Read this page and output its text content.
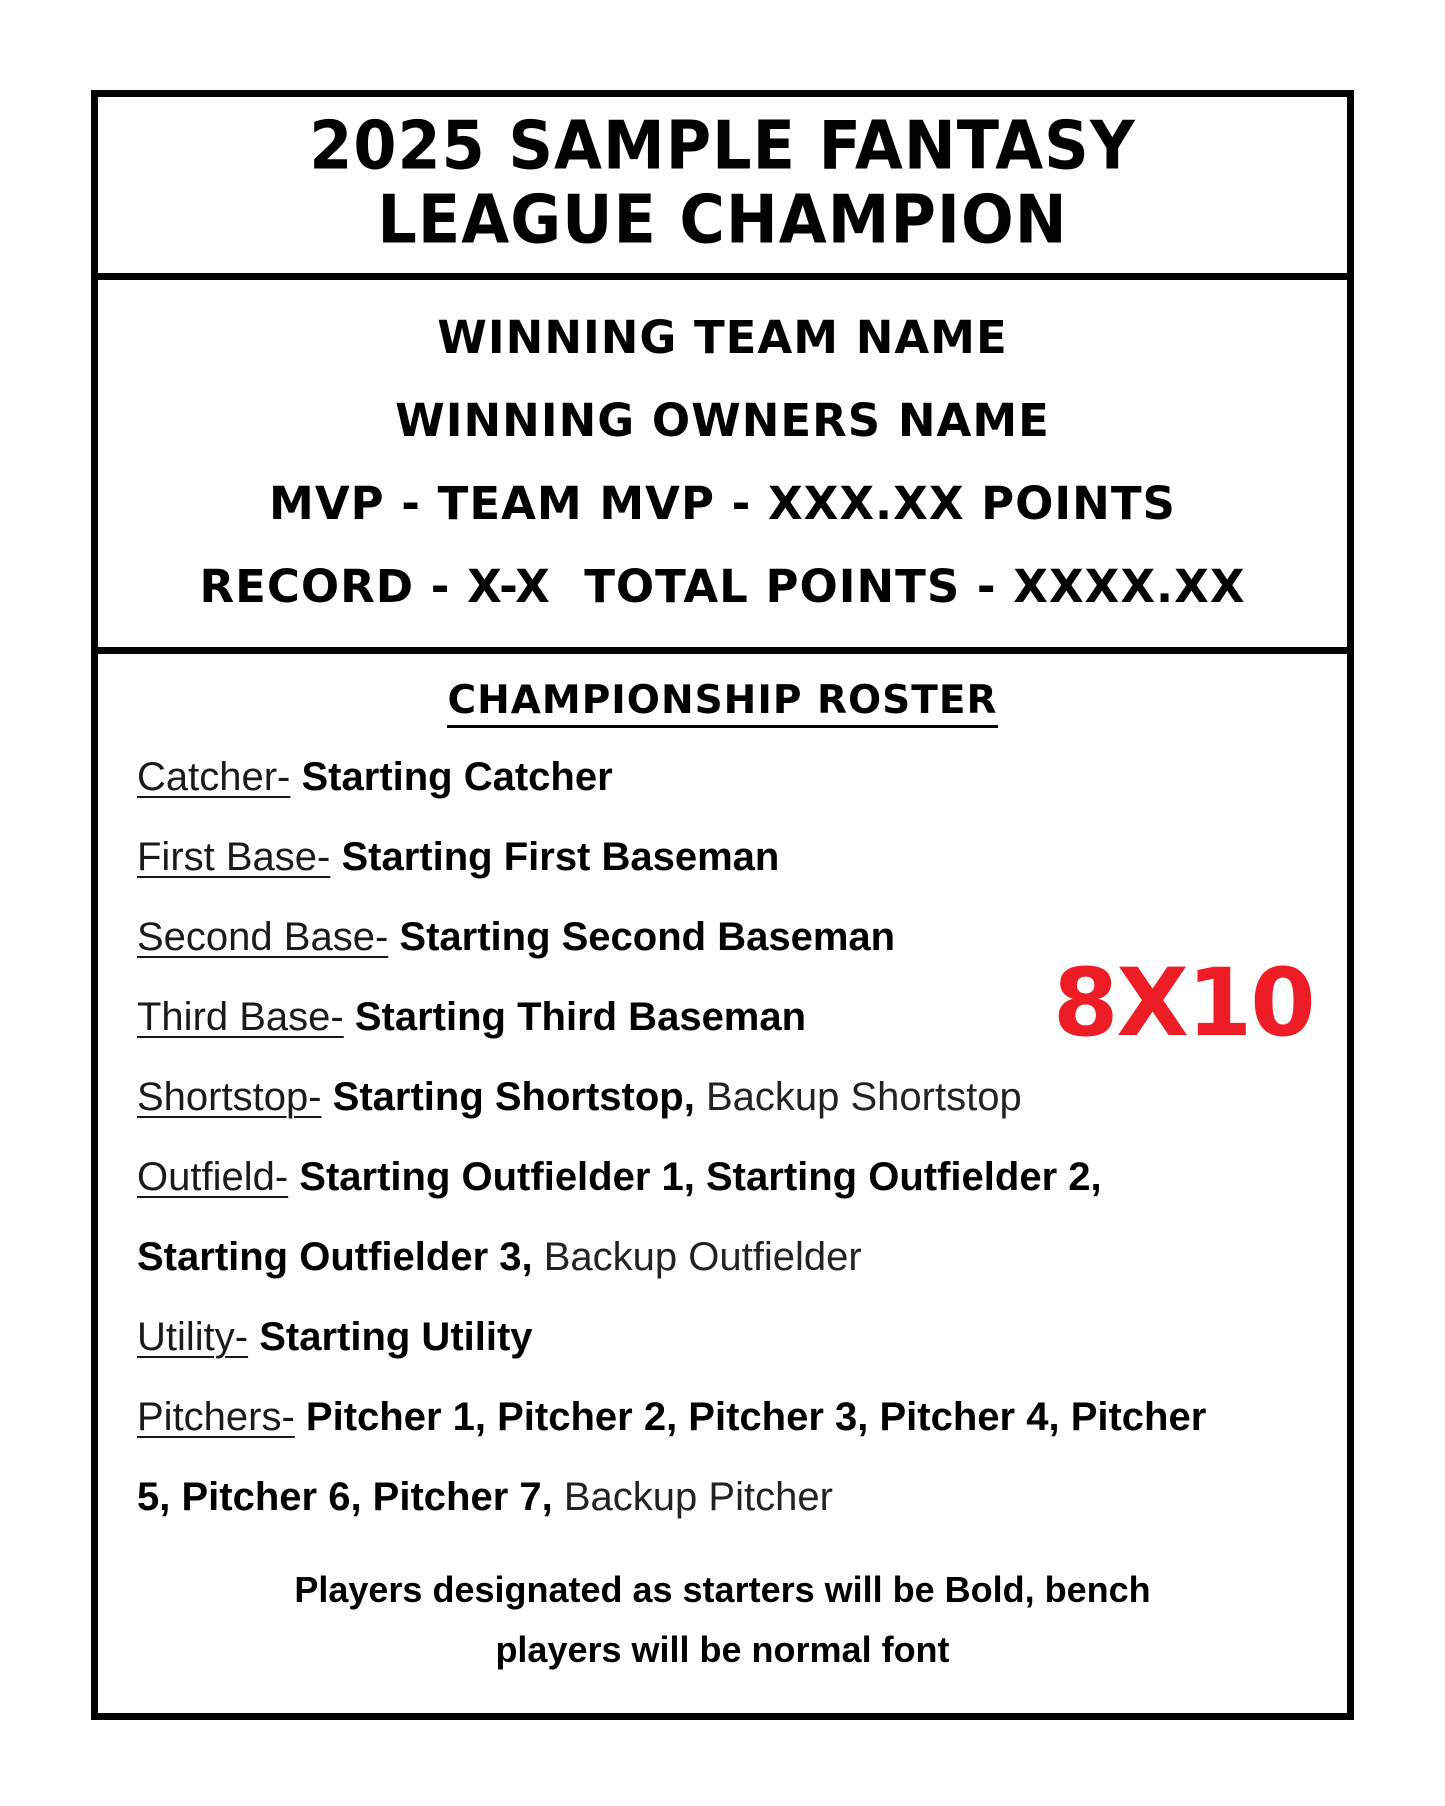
2025 SAMPLE FANTASY
LEAGUE CHAMPION
WINNING TEAM NAME
WINNING OWNERS NAME
MVP - TEAM MVP - XXX.XX POINTS
RECORD - X-X  TOTAL POINTS - XXXX.XX
CHAMPIONSHIP ROSTER
Catcher- Starting Catcher
First Base- Starting First Baseman
Second Base- Starting Second Baseman
Third Base- Starting Third Baseman
Shortstop- Starting Shortstop, Backup Shortstop
Outfield- Starting Outfielder 1, Starting Outfielder 2,
Starting Outfielder 3, Backup Outfielder
Utility- Starting Utility
Pitchers- Pitcher 1, Pitcher 2, Pitcher 3, Pitcher 4, Pitcher
5, Pitcher 6, Pitcher 7, Backup Pitcher
8X10
Players designated as starters will be Bold, bench
players will be normal font
